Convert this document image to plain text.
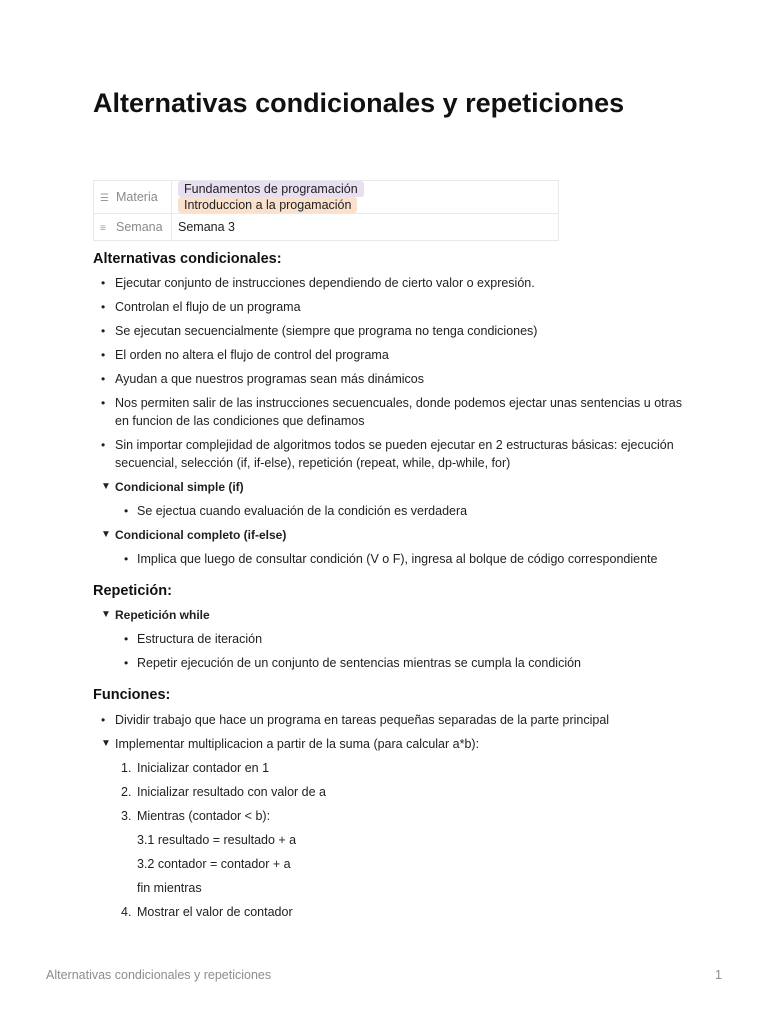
Alternativas condicionales y repeticiones
☰ Materia	Fundamentos de programaciónIntroduccion a la progamación
≡ Semana	Semana 3
Alternativas condicionales:
• Ejecutar conjunto de instrucciones dependiendo de cierto valor o expresión.
• Controlan el flujo de un programa
• Se ejecutan secuencialmente (siempre que programa no tenga condiciones)
• El orden no altera el flujo de control del programa
• Ayudan a que nuestros programas sean más dinámicos
• Nos permiten salir de las instrucciones secuencuales, donde podemos ejectar unas sentencias u otras en funcion de las condiciones que definamos
• Sin importar complejidad de algoritmos todos se pueden ejecutar en 2 estructuras básicas: ejecución secuencial, selección (if, if-else), repetición (repeat, while, dp-while, for)
▼ Condicional simple (if)
• Se ejectua cuando evaluación de la condición es verdadera
▼ Condicional completo (if-else)
• Implica que luego de consultar condición (V o F), ingresa al bolque de código correspondiente
Repetición:
▼ Repetición while
• Estructura de iteración
• Repetir ejecución de un conjunto de sentencias mientras se cumpla la condición
Funciones:
• Dividir trabajo que hace un programa en tareas pequeñas separadas de la parte principal
▼ Implementar multiplicacion a partir de la suma (para calcular a*b):
1. Inicializar contador en 1
2. Inicializar resultado con valor de a
3. Mientras (contador < b):
3.1 resultado = resultado + a
3.2 contador = contador + a
fin mientras
4. Mostrar el valor de contador
Alternativas condicionales y repeticiones	1
